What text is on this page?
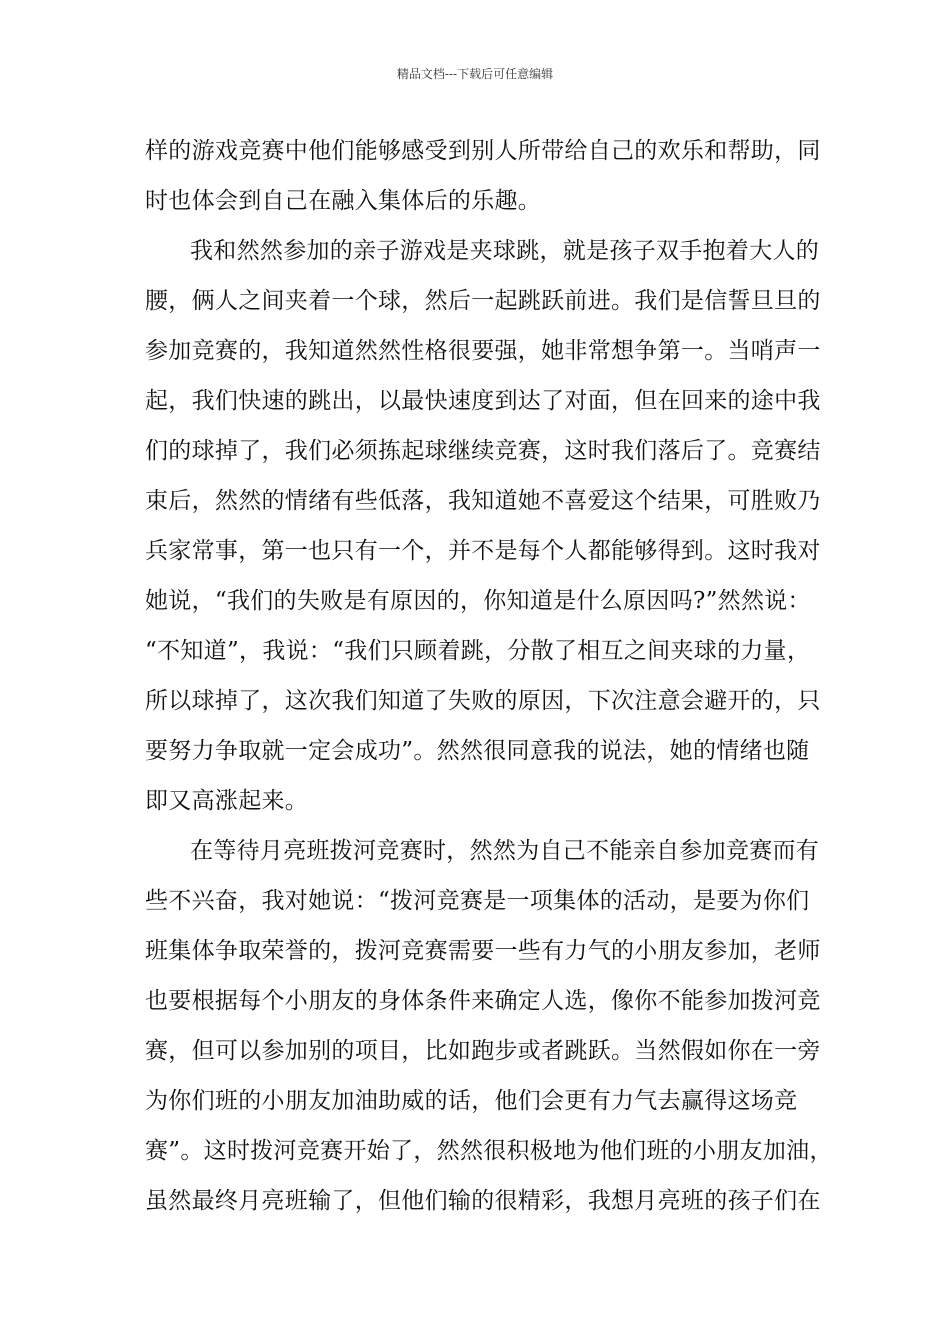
精品文档---下载后可任意编辑
样的游戏竞赛中他们能够感受到别人所带给自己的欢乐和帮助，同
时也体会到自己在融入集体后的乐趣。
我和然然参加的亲子游戏是夹球跳，就是孩子双手抱着大人的
腰，俩人之间夹着一个球，然后一起跳跃前进。我们是信誓旦旦的
参加竞赛的，我知道然然性格很要强，她非常想争第一。当哨声一
起，我们快速的跳出，以最快速度到达了对面，但在回来的途中我
们的球掉了，我们必须拣起球继续竞赛，这时我们落后了。竞赛结
束后，然然的情绪有些低落，我知道她不喜爱这个结果，可胜败乃
兵家常事，第一也只有一个，并不是每个人都能够得到。这时我对
她说，“我们的失败是有原因的，你知道是什么原因吗?”然然说：
“不知道”，我说：“我们只顾着跳，分散了相互之间夹球的力量，
所以球掉了，这次我们知道了失败的原因，下次注意会避开的，只
要努力争取就一定会成功”。然然很同意我的说法，她的情绪也随
即又高涨起来。
在等待月亮班拨河竞赛时，然然为自己不能亲自参加竞赛而有
些不兴奋，我对她说：“拨河竞赛是一项集体的活动，是要为你们
班集体争取荣誉的，拨河竞赛需要一些有力气的小朋友参加，老师
也要根据每个小朋友的身体条件来确定人选，像你不能参加拨河竞
赛，但可以参加别的项目，比如跑步或者跳跃。当然假如你在一旁
为你们班的小朋友加油助威的话，他们会更有力气去赢得这场竞
赛”。这时拨河竞赛开始了，然然很积极地为他们班的小朋友加油，
虽然最终月亮班输了，但他们输的很精彩，我想月亮班的孩子们在
